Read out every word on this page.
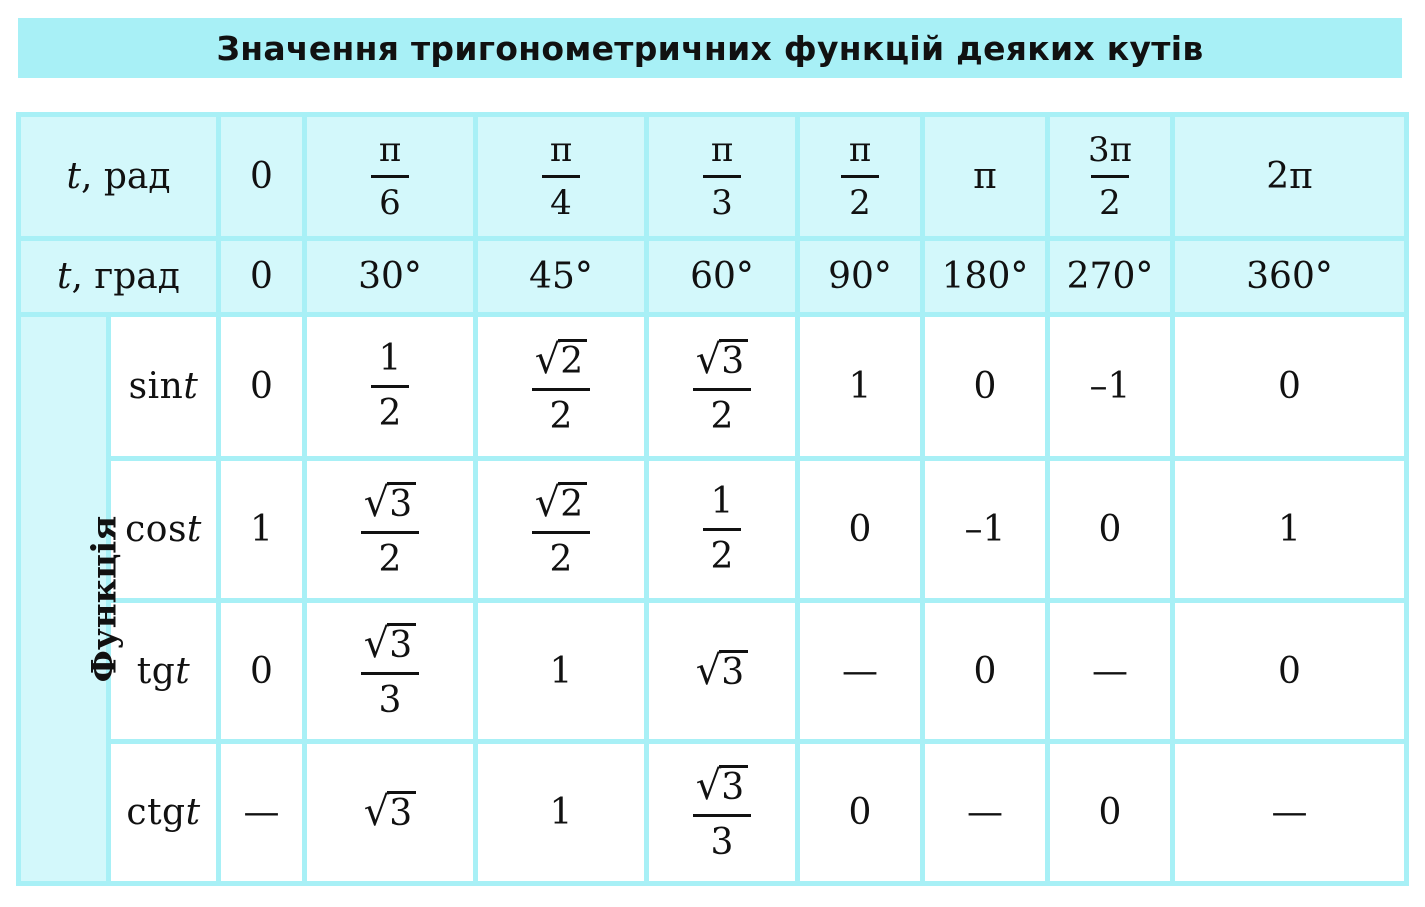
Значення тригонометричних функцій деяких кутів
t, рад		0	$\frac{\pi}{6}$	$\frac{\pi}{4}$	$\frac{\pi}{3}$	$\frac{\pi}{2}$	π	$\frac{3\pi}{2}$	2π
t, град		0	30°	45°	60°	90°	180°	270°	360°
Функція	sint	0	$\frac{1}{2}$	$\frac{√ 2}{2}$	$\frac{√ 3}{2}$	1	0	–1	0
	cost	1	$\frac{√ 3}{2}$	$\frac{√ 2}{2}$	$\frac{1}{2}$	0	–1	0	1
	tgt	0	$\frac{√ 3}{3}$	1	√ 3	—	0	—	0
	ctgt	—	√ 3	1	$\frac{√ 3}{3}$	0	—	0	—
